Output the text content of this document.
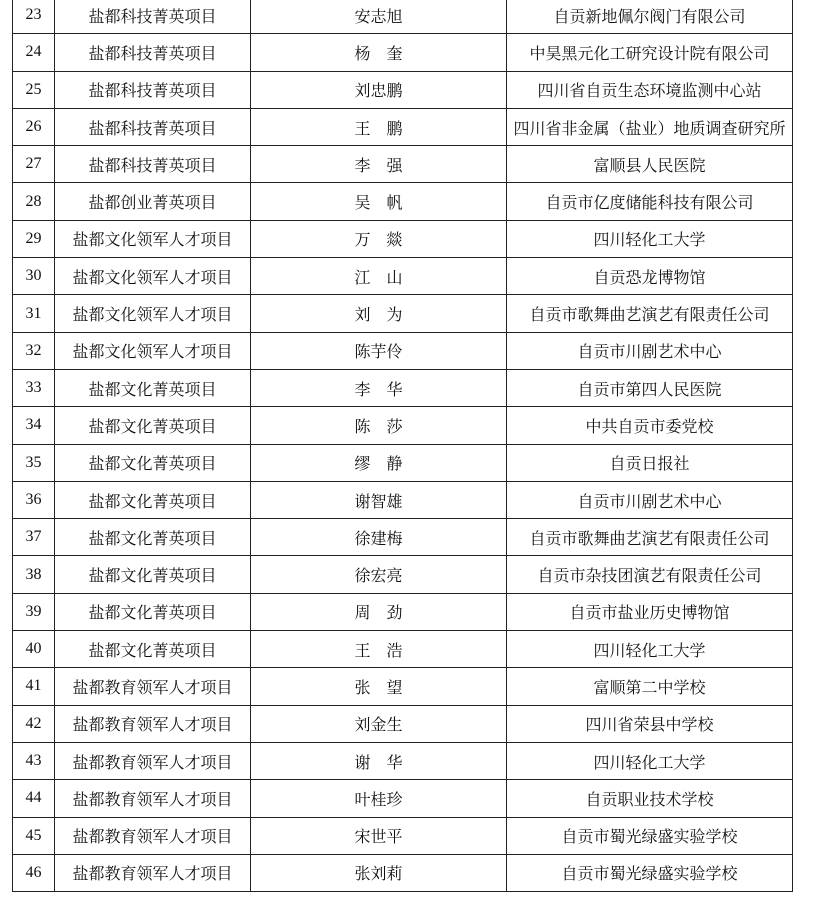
23	盐都科技菁英项目	安志旭	自贡新地佩尔阀门有限公司
24	盐都科技菁英项目	杨　奎	中昊黑元化工研究设计院有限公司
25	盐都科技菁英项目	刘忠鹏	四川省自贡生态环境监测中心站
26	盐都科技菁英项目	王　鹏	四川省非金属（盐业）地质调查研究所
27	盐都科技菁英项目	李　强	富顺县人民医院
28	盐都创业菁英项目	吴　帆	自贡市亿度储能科技有限公司
29	盐都文化领军人才项目	万　燚	四川轻化工大学
30	盐都文化领军人才项目	江　山	自贡恐龙博物馆
31	盐都文化领军人才项目	刘　为	自贡市歌舞曲艺演艺有限责任公司
32	盐都文化领军人才项目	陈芋伶	自贡市川剧艺术中心
33	盐都文化菁英项目	李　华	自贡市第四人民医院
34	盐都文化菁英项目	陈　莎	中共自贡市委党校
35	盐都文化菁英项目	缪　静	自贡日报社
36	盐都文化菁英项目	谢智雄	自贡市川剧艺术中心
37	盐都文化菁英项目	徐建梅	自贡市歌舞曲艺演艺有限责任公司
38	盐都文化菁英项目	徐宏亮	自贡市杂技团演艺有限责任公司
39	盐都文化菁英项目	周　劲	自贡市盐业历史博物馆
40	盐都文化菁英项目	王　浩	四川轻化工大学
41	盐都教育领军人才项目	张　望	富顺第二中学校
42	盐都教育领军人才项目	刘金生	四川省荣县中学校
43	盐都教育领军人才项目	谢　华	四川轻化工大学
44	盐都教育领军人才项目	叶桂珍	自贡职业技术学校
45	盐都教育领军人才项目	宋世平	自贡市蜀光绿盛实验学校
46	盐都教育领军人才项目	张刘莉	自贡市蜀光绿盛实验学校
